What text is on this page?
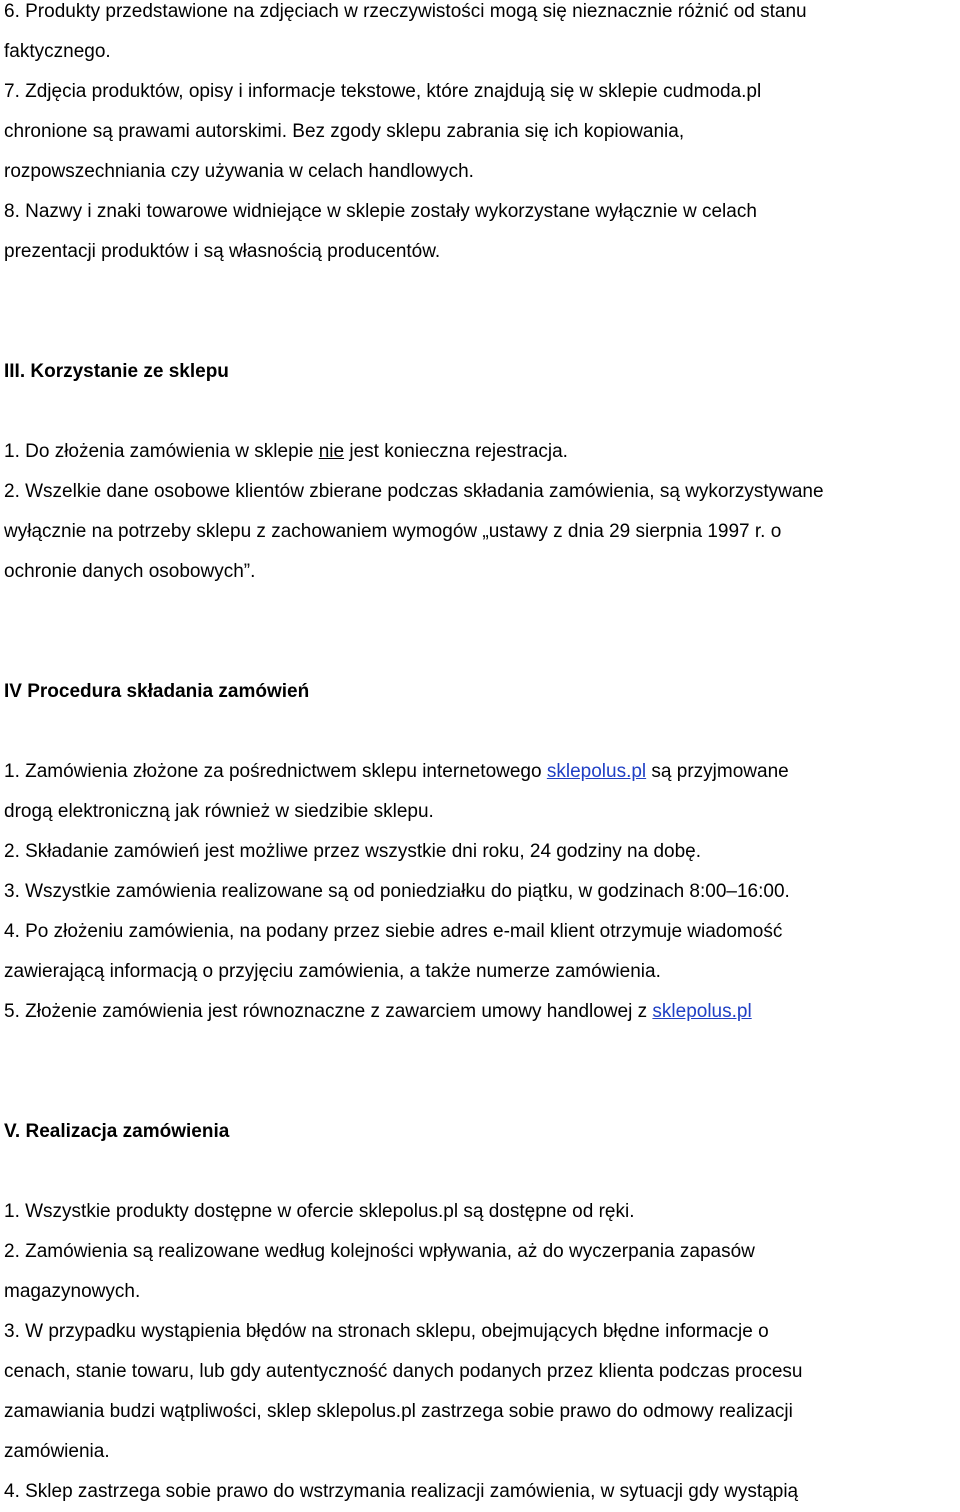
6. Produkty przedstawione na zdjęciach w rzeczywistości mogą się nieznacznie różnić od stanu

faktycznego.

7. Zdjęcia produktów, opisy i informacje tekstowe, które znajdują się w sklepie cudmoda.pl

chronione są prawami autorskimi. Bez zgody sklepu zabrania się ich kopiowania,

rozpowszechniania czy używania w celach handlowych.

8. Nazwy i znaki towarowe widniejące w sklepie zostały wykorzystane wyłącznie w celach

prezentacji produktów i są własnością producentów.

III. Korzystanie ze sklepu

1. Do złożenia zamówienia w sklepie nie jest konieczna rejestracja.

2. Wszelkie dane osobowe klientów zbierane podczas składania zamówienia, są wykorzystywane

wyłącznie na potrzeby sklepu z zachowaniem wymogów „ustawy z dnia 29 sierpnia 1997 r. o

ochronie danych osobowych”.

IV Procedura składania zamówień

1. Zamówienia złożone za pośrednictwem sklepu internetowego sklepolus.pl są przyjmowane

drogą elektroniczną jak również w siedzibie sklepu.

2. Składanie zamówień jest możliwe przez wszystkie dni roku, 24 godziny na dobę.

3. Wszystkie zamówienia realizowane są od poniedziałku do piątku, w godzinach 8:00–16:00.

4. Po złożeniu zamówienia, na podany przez siebie adres e-mail klient otrzymuje wiadomość

zawierającą informacją o przyjęciu zamówienia, a także numerze zamówienia.

5. Złożenie zamówienia jest równoznaczne z zawarciem umowy handlowej z sklepolus.pl

V. Realizacja zamówienia

1. Wszystkie produkty dostępne w ofercie sklepolus.pl są dostępne od ręki.

2. Zamówienia są realizowane według kolejności wpływania, aż do wyczerpania zapasów

magazynowych.

3. W przypadku wystąpienia błędów na stronach sklepu, obejmujących błędne informacje o

cenach, stanie towaru, lub gdy autentyczność danych podanych przez klienta podczas procesu

zamawiania budzi wątpliwości, sklep sklepolus.pl zastrzega sobie prawo do odmowy realizacji

zamówienia.

4. Sklep zastrzega sobie prawo do wstrzymania realizacji zamówienia, w sytuacji gdy wystąpią
